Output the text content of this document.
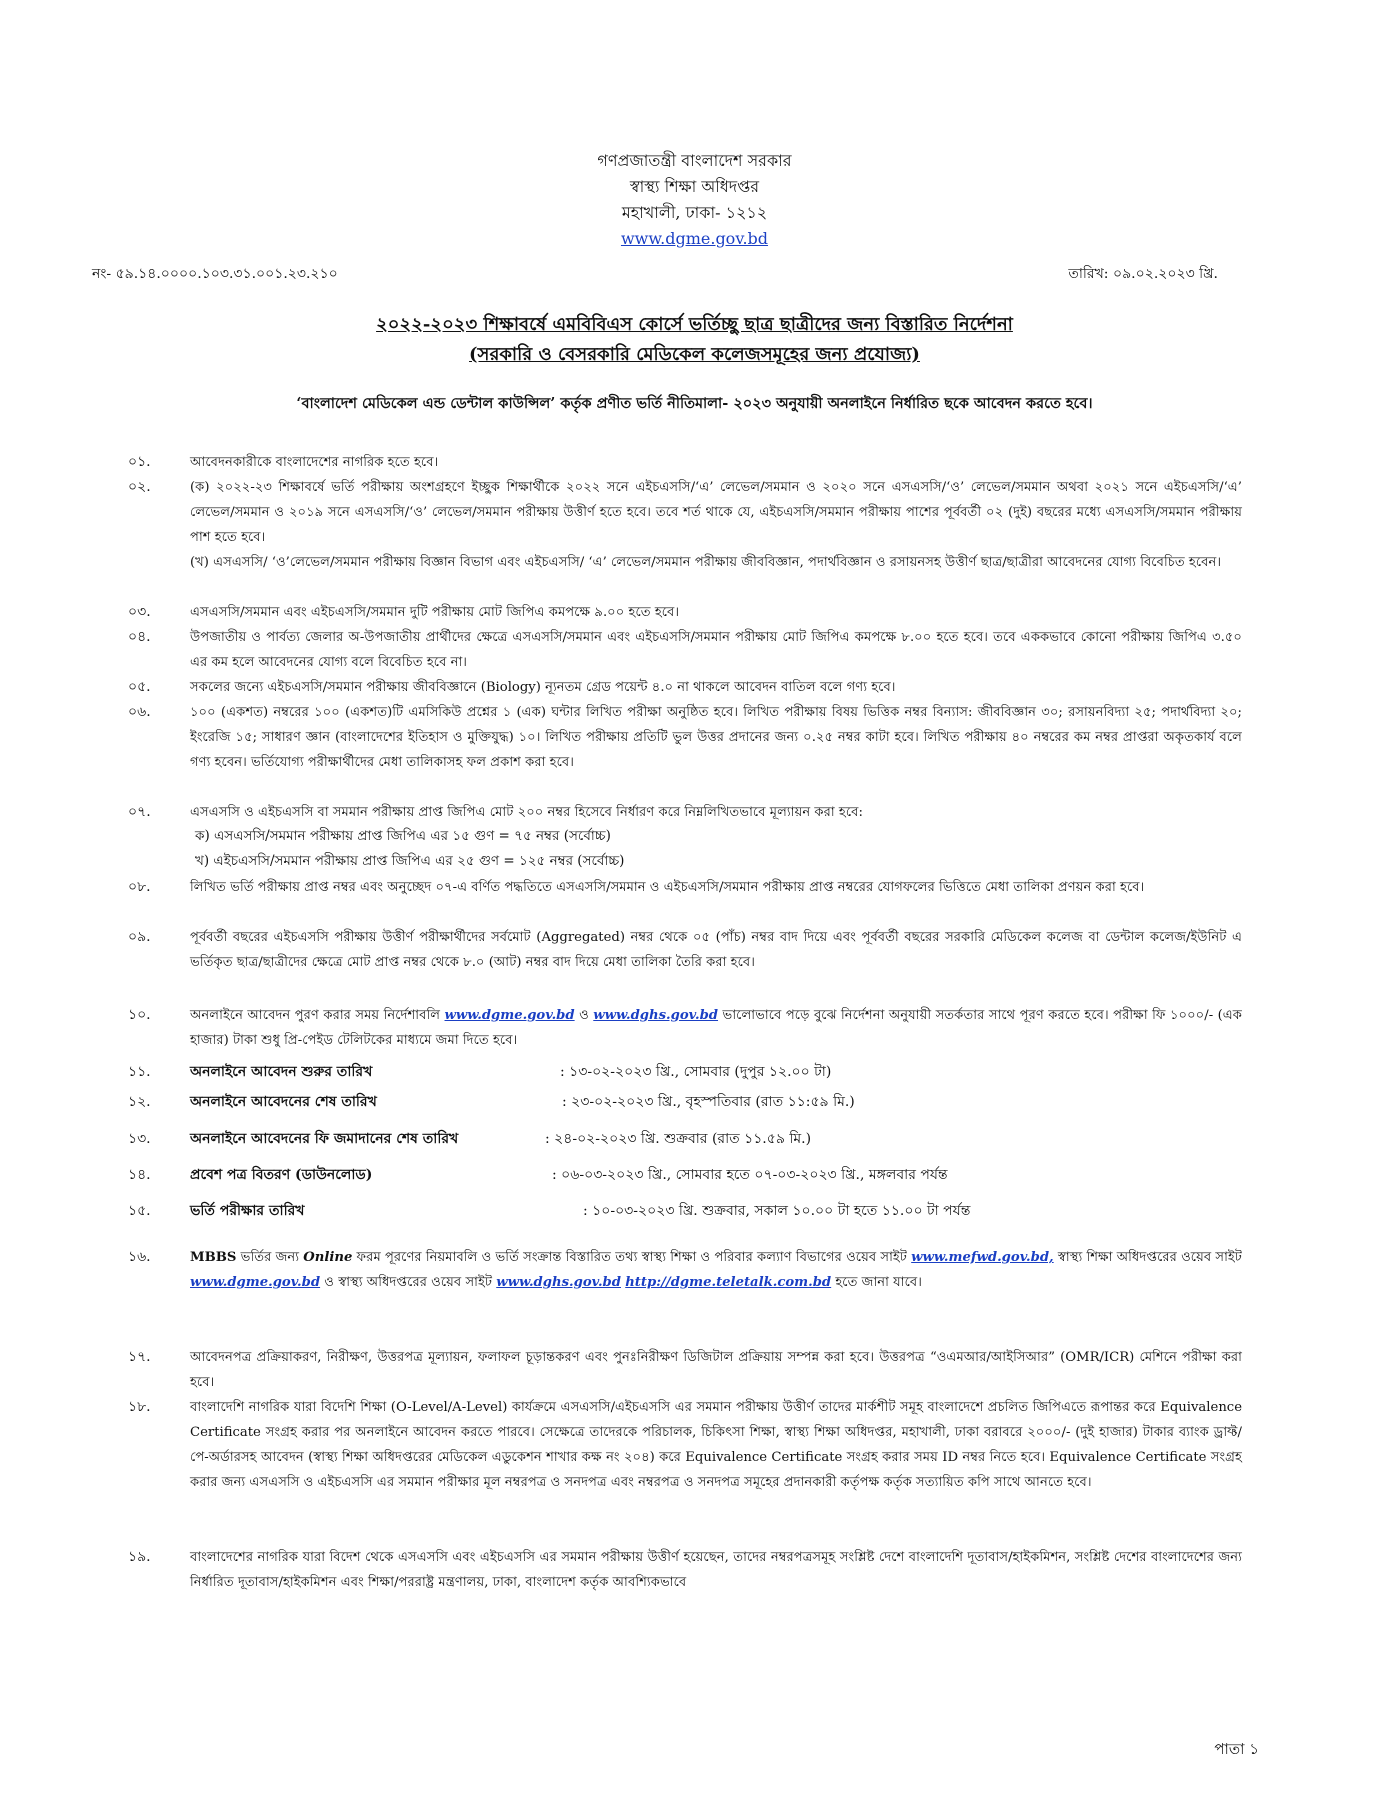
গণপ্রজাতন্ত্রী বাংলাদেশ সরকার
স্বাস্থ্য শিক্ষা অধিদপ্তর
মহাখালী, ঢাকা- ১২১২
www.dgme.gov.bd
নং- ৫৯.১৪.০০০০.১০৩.৩১.০০১.২৩.২১০	তারিখ: ০৯.০২.২০২৩ খ্রি.
২০২২-২০২৩ শিক্ষাবর্ষে এমবিবিএস কোর্সে ভর্তিচ্ছু ছাত্র ছাত্রীদের জন্য বিস্তারিত নির্দেশনা
(সরকারি ও বেসরকারি মেডিকেল কলেজসমূহের জন্য প্রযোজ্য)
‘বাংলাদেশ মেডিকেল এন্ড ডেন্টাল কাউন্সিল’ কর্তৃক প্রণীত ভর্তি নীতিমালা- ২০২৩ অনুযায়ী অনলাইনে নির্ধারিত ছকে আবেদন করতে হবে।
০১.	আবেদনকারীকে বাংলাদেশের নাগরিক হতে হবে।
০২.	(ক) ২০২২-২৩ শিক্ষাবর্ষে ভর্তি পরীক্ষায় অংশগ্রহণে ইচ্ছুক শিক্ষার্থীকে ২০২২ সনে এইচএসসি/‘এ’ লেভেল/সমমান ও ২০২০ সনে এসএসসি/‘ও’ লেভেল/সমমান অথবা ২০২১ সনে এইচএসসি/‘এ’ লেভেল/সমমান ও ২০১৯ সনে এসএসসি/‘ও’ লেভেল/সমমান পরীক্ষায় উত্তীর্ণ হতে হবে। তবে শর্ত থাকে যে, এইচএসসি/সমমান পরীক্ষায় পাশের পূর্ববর্তী ০২ (দুই) বছরের মধ্যে এসএসসি/সমমান পরীক্ষায় পাশ হতে হবে।
(খ) এসএসসি/ ‘ও’লেভেল/সমমান পরীক্ষায় বিজ্ঞান বিভাগ এবং এইচএসসি/ ‘এ’ লেভেল/সমমান পরীক্ষায় জীববিজ্ঞান, পদার্থবিজ্ঞান ও রসায়নসহ উত্তীর্ণ ছাত্র/ছাত্রীরা আবেদনের যোগ্য বিবেচিত হবেন।
০৩.	এসএসসি/সমমান এবং এইচএসসি/সমমান দুটি পরীক্ষায় মোট জিপিএ কমপক্ষে ৯.০০ হতে হবে।
০৪.	উপজাতীয় ও পার্বত্য জেলার অ-উপজাতীয় প্রার্থীদের ক্ষেত্রে এসএসসি/সমমান এবং এইচএসসি/সমমান পরীক্ষায় মোট জিপিএ কমপক্ষে ৮.০০ হতে হবে। তবে এককভাবে কোনো পরীক্ষায় জিপিএ ৩.৫০ এর কম হলে আবেদনের যোগ্য বলে বিবেচিত হবে না।
০৫.	সকলের জন্যে এইচএসসি/সমমান পরীক্ষায় জীববিজ্ঞানে (Biology) ন্যূনতম গ্রেড পয়েন্ট ৪.০ না থাকলে আবেদন বাতিল বলে গণ্য হবে।
০৬.	১০০ (একশত) নম্বরের ১০০ (একশত)টি এমসিকিউ প্রশ্নের ১ (এক) ঘন্টার লিখিত পরীক্ষা অনুষ্ঠিত হবে। লিখিত পরীক্ষায় বিষয় ভিত্তিক নম্বর বিন্যাস: জীববিজ্ঞান ৩০; রসায়নবিদ্যা ২৫; পদার্থবিদ্যা ২০; ইংরেজি ১৫; সাধারণ জ্ঞান (বাংলাদেশের ইতিহাস ও মুক্তিযুদ্ধ) ১০। লিখিত পরীক্ষায় প্রতিটি ভুল উত্তর প্রদানের জন্য ০.২৫ নম্বর কাটা হবে। লিখিত পরীক্ষায় ৪০ নম্বরের কম নম্বর প্রাপ্তরা অকৃতকার্য বলে গণ্য হবেন। ভর্তিযোগ্য পরীক্ষার্থীদের মেধা তালিকাসহ ফল প্রকাশ করা হবে।
০৭.	এসএসসি ও এইচএসসি বা সমমান পরীক্ষায় প্রাপ্ত জিপিএ মোট ২০০ নম্বর হিসেবে নির্ধারণ করে নিম্নলিখিতভাবে মূল্যায়ন করা হবে:
ক) এসএসসি/সমমান পরীক্ষায় প্রাপ্ত জিপিএ এর ১৫ গুণ = ৭৫ নম্বর (সর্বোচ্চ)
খ) এইচএসসি/সমমান পরীক্ষায় প্রাপ্ত জিপিএ এর ২৫ গুণ = ১২৫ নম্বর (সর্বোচ্চ)
০৮.	লিখিত ভর্তি পরীক্ষায় প্রাপ্ত নম্বর এবং অনুচ্ছেদ ০৭-এ বর্ণিত পদ্ধতিতে এসএসসি/সমমান ও এইচএসসি/সমমান পরীক্ষায় প্রাপ্ত নম্বরের যোগফলের ভিত্তিতে মেধা তালিকা প্রণয়ন করা হবে।
০৯.	পূর্ববর্তী বছরের এইচএসসি পরীক্ষায় উত্তীর্ণ পরীক্ষার্থীদের সর্বমোট (Aggregated) নম্বর থেকে ০৫ (পাঁচ) নম্বর বাদ দিয়ে এবং পূর্ববর্তী বছরের সরকারি মেডিকেল কলেজ বা ডেন্টাল কলেজ/ইউনিট এ ভর্তিকৃত ছাত্র/ছাত্রীদের ক্ষেত্রে মোট প্রাপ্ত নম্বর থেকে ৮.০ (আট) নম্বর বাদ দিয়ে মেধা তালিকা তৈরি করা হবে।
১০.	অনলাইনে আবেদন পুরণ করার সময় নির্দেশাবলি www.dgme.gov.bd ও www.dghs.gov.bd ভালোভাবে পড়ে বুঝে নির্দেশনা অনুযায়ী সতর্কতার সাথে পূরণ করতে হবে। পরীক্ষা ফি ১০০০/- (এক হাজার) টাকা শুধু প্রি-পেইড টেলিটকের মাধ্যমে জমা দিতে হবে।
১১.	অনলাইনে আবেদন শুরুর তারিখ	: ১৩-০২-২০২৩ খ্রি., সোমবার (দুপুর ১২.০০ টা)
১২.	অনলাইনে আবেদনের শেষ তারিখ	: ২৩-০২-২০২৩ খ্রি., বৃহস্পতিবার (রাত ১১:৫৯ মি.)
১৩.	অনলাইনে আবেদনের ফি জমাদানের শেষ তারিখ	: ২৪-০২-২০২৩ খ্রি. শুক্রবার (রাত ১১.৫৯ মি.)
১৪.	প্রবেশ পত্র বিতরণ (ডাউনলোড)	: ০৬-০৩-২০২৩ খ্রি., সোমবার হতে ০৭-০৩-২০২৩ খ্রি., মঙ্গলবার পর্যন্ত
১৫.	ভর্তি পরীক্ষার তারিখ	: ১০-০৩-২০২৩ খ্রি. শুক্রবার, সকাল ১০.০০ টা হতে ১১.০০ টা পর্যন্ত
১৬.	MBBS ভর্তির জন্য Online ফরম পূরণের নিয়মাবলি ও ভর্তি সংক্রান্ত বিস্তারিত তথ্য স্বাস্থ্য শিক্ষা ও পরিবার কল্যাণ বিভাগের ওয়েব সাইট www.mefwd.gov.bd, স্বাস্থ্য শিক্ষা অধিদপ্তরের ওয়েব সাইট www.dgme.gov.bd ও স্বাস্থ্য অধিদপ্তরের ওয়েব সাইট www.dghs.gov.bd http://dgme.teletalk.com.bd হতে জানা যাবে।
১৭.	আবেদনপত্র প্রক্রিয়াকরণ, নিরীক্ষণ, উত্তরপত্র মূল্যায়ন, ফলাফল চূড়ান্তকরণ এবং পুনঃনিরীক্ষণ ডিজিটাল প্রক্রিয়ায় সম্পন্ন করা হবে। উত্তরপত্র “ওএমআর/আইসিআর” (OMR/ICR) মেশিনে পরীক্ষা করা হবে।
১৮.	বাংলাদেশি নাগরিক যারা বিদেশি শিক্ষা (O-Level/A-Level) কার্যক্রমে এসএসসি/এইচএসসি এর সমমান পরীক্ষায় উত্তীর্ণ তাদের মার্কশীট সমূহ বাংলাদেশে প্রচলিত জিপিএতে রূপান্তর করে Equivalence Certificate সংগ্রহ করার পর অনলাইনে আবেদন করতে পারবে। সেক্ষেত্রে তাদেরকে পরিচালক, চিকিৎসা শিক্ষা, স্বাস্থ্য শিক্ষা অধিদপ্তর, মহাখালী, ঢাকা বরাবরে ২০০০/- (দুই হাজার) টাকার ব্যাংক ড্রাফ্ট/পে-অর্ডারসহ আবেদন (স্বাস্থ্য শিক্ষা অধিদপ্তরের মেডিকেল এডুকেশন শাখার কক্ষ নং ২০৪) করে Equivalence Certificate সংগ্রহ করার সময় ID নম্বর নিতে হবে। Equivalence Certificate সংগ্রহ করার জন্য এসএসসি ও এইচএসসি এর সমমান পরীক্ষার মূল নম্বরপত্র ও সনদপত্র এবং নম্বরপত্র ও সনদপত্র সমূহের প্রদানকারী কর্তৃপক্ষ কর্তৃক সত্যায়িত কপি সাথে আনতে হবে।
১৯.	বাংলাদেশের নাগরিক যারা বিদেশ থেকে এসএসসি এবং এইচএসসি এর সমমান পরীক্ষায় উত্তীর্ণ হয়েছেন, তাদের নম্বরপত্রসমূহ সংশ্লিষ্ট দেশে বাংলাদেশি দূতাবাস/হাইকমিশন, সংশ্লিষ্ট দেশের বাংলাদেশের জন্য নির্ধারিত দূতাবাস/হাইকমিশন এবং শিক্ষা/পররাষ্ট্র মন্ত্রণালয়, ঢাকা, বাংলাদেশ কর্তৃক আবশ্যিকভাবে
পাতা ১
